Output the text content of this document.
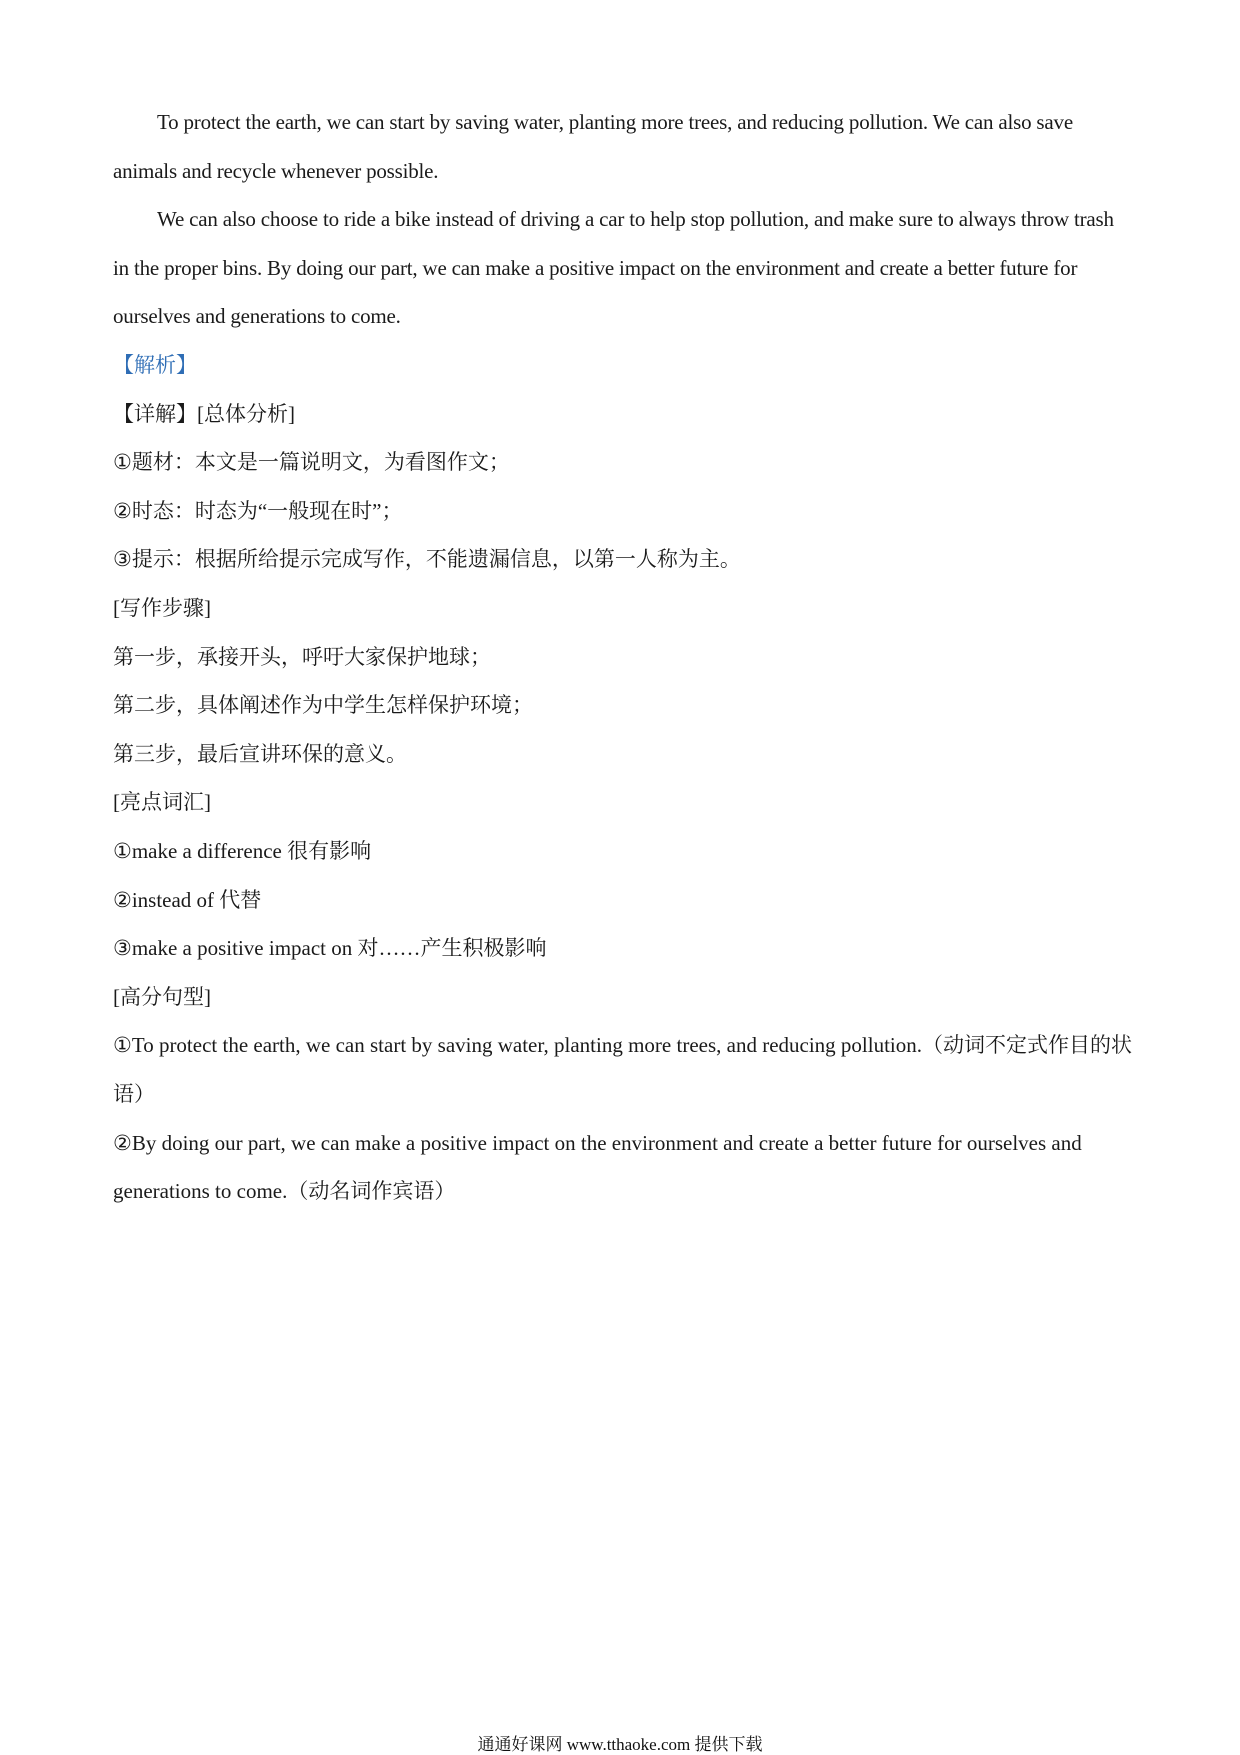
To protect the earth, we can start by saving water, planting more trees, and reducing pollution. We can also save animals and recycle whenever possible.

We can also choose to ride a bike instead of driving a car to help stop pollution, and make sure to always throw trash in the proper bins. By doing our part, we can make a positive impact on the environment and create a better future for ourselves and generations to come.

【解析】
【详解】[总体分析]
①题材：本文是一篇说明文，为看图作文；
②时态：时态为“一般现在时”；
③提示：根据所给提示完成写作，不能遗漏信息，以第一人称为主。
[写作步骤]
第一步，承接开头，呼吁大家保护地球；
第二步，具体阐述作为中学生怎样保护环境；
第三步，最后宣讲环保的意义。
[亮点词汇]
①make a difference 很有影响
②instead of 代替
③make a positive impact on 对……产生积极影响
[高分句型]
①To protect the earth, we can start by saving water, planting more trees, and reducing pollution.（动词不定式作目的状语）
②By doing our part, we can make a positive impact on the environment and create a better future for ourselves and generations to come.（动名词作宾语）
通通好课网 www.tthaoke.com 提供下载
